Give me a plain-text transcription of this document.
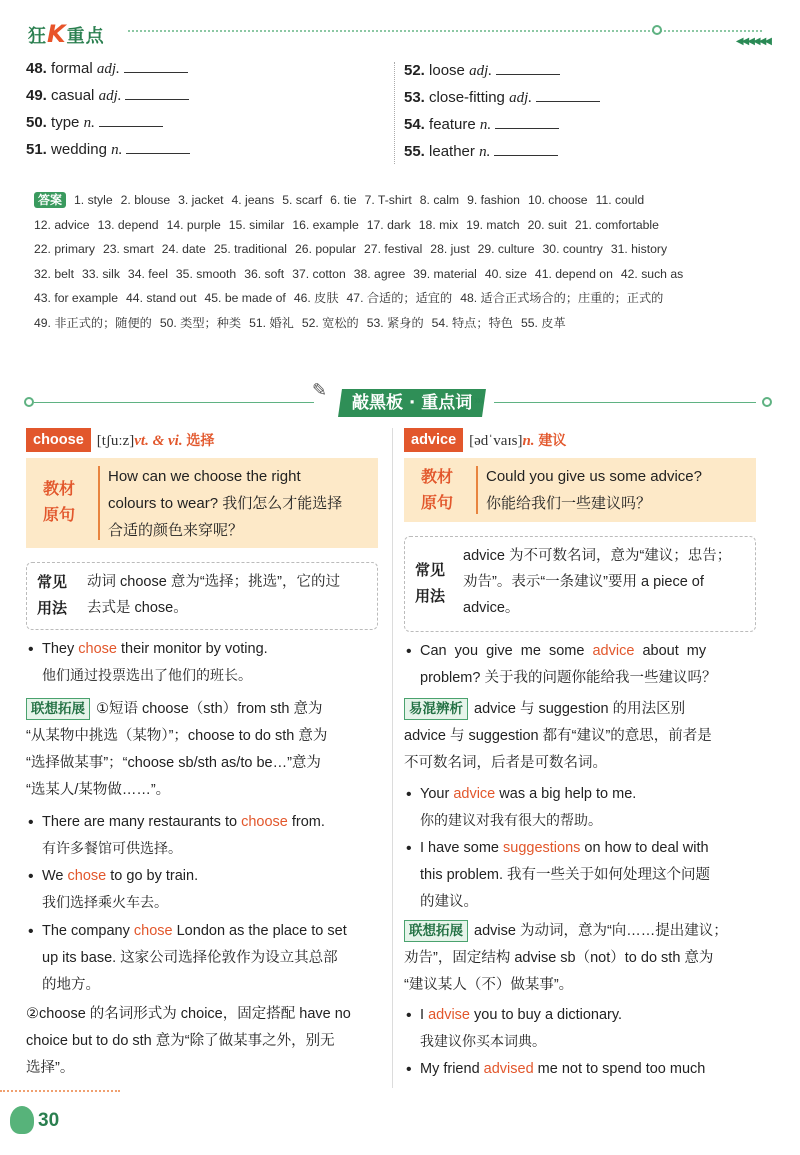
狂K重点	◀◀◀◀◀◀
48. formal adj.
49. casual adj.
50. type n.
51. wedding n.
52. loose adj.
53. close-fitting adj.
54. feature n.
55. leather n.
答案 1. style 2. blouse 3. jacket 4. jeans 5. scarf 6. tie 7. T-shirt 8. calm 9. fashion 10. choose 11. could
12. advice 13. depend 14. purple 15. similar 16. example 17. dark 18. mix 19. match 20. suit 21. comfortable
22. primary 23. smart 24. date 25. traditional 26. popular 27. festival 28. just 29. culture 30. country 31. history
32. belt 33. silk 34. feel 35. smooth 36. soft 37. cotton 38. agree 39. material 40. size 41. depend on 42. such as
43. for example 44. stand out 45. be made of 46. 皮肤 47. 合适的；适宜的 48. 适合正式场合的；庄重的；正式的
49. 非正式的；随便的 50. 类型；种类 51. 婚礼 52. 宽松的 53. 紧身的 54. 特点；特色 55. 皮革
✎
敲黑板 · 重点词 ›››
choose [tʃuːz]vt. & vi. 选择
教材
原句
How can we choose the right
colours to wear? 我们怎么才能选择
合适的颜色来穿呢？
常见
用法
动词 choose 意为“选择；挑选”，它的过
去式是 chose。
• They chose their monitor by voting.
他们通过投票选出了他们的班长。
联想拓展 ①短语 choose（sth）from sth 意为
“从某物中挑选（某物）”；choose to do sth 意为
“选择做某事”；“choose sb/sth as/to be…”意为
“选某人/某物做……”。
• There are many restaurants to choose from.
有许多餐馆可供选择。
• We chose to go by train.
我们选择乘火车去。
• The company chose London as the place to set
up its base. 这家公司选择伦敦作为设立其总部
的地方。
②choose 的名词形式为 choice，固定搭配 have no
choice but to do sth 意为“除了做某事之外，别无
选择”。
advice [ədˈvaɪs]n. 建议
教材
原句
Could you give us some advice?
你能给我们一些建议吗？
常见
用法
advice 为不可数名词，意为“建议；忠告；
劝告”。表示“一条建议”要用 a piece of
advice。
• Can  you  give  me  some  advice  about  my
problem? 关于我的问题你能给我一些建议吗？
易混辨析 advice 与 suggestion 的用法区别
advice 与 suggestion 都有“建议”的意思，前者是
不可数名词，后者是可数名词。
• Your advice was a big help to me.
你的建议对我有很大的帮助。
• I have some suggestions on how to deal with
this problem. 我有一些关于如何处理这个问题
的建议。
联想拓展 advise 为动词，意为“向……提出建议；
劝告”，固定结构 advise sb（not）to do sth 意为
“建议某人（不）做某事”。
• I advise you to buy a dictionary.
我建议你买本词典。
• My friend advised me not to spend too much
30
